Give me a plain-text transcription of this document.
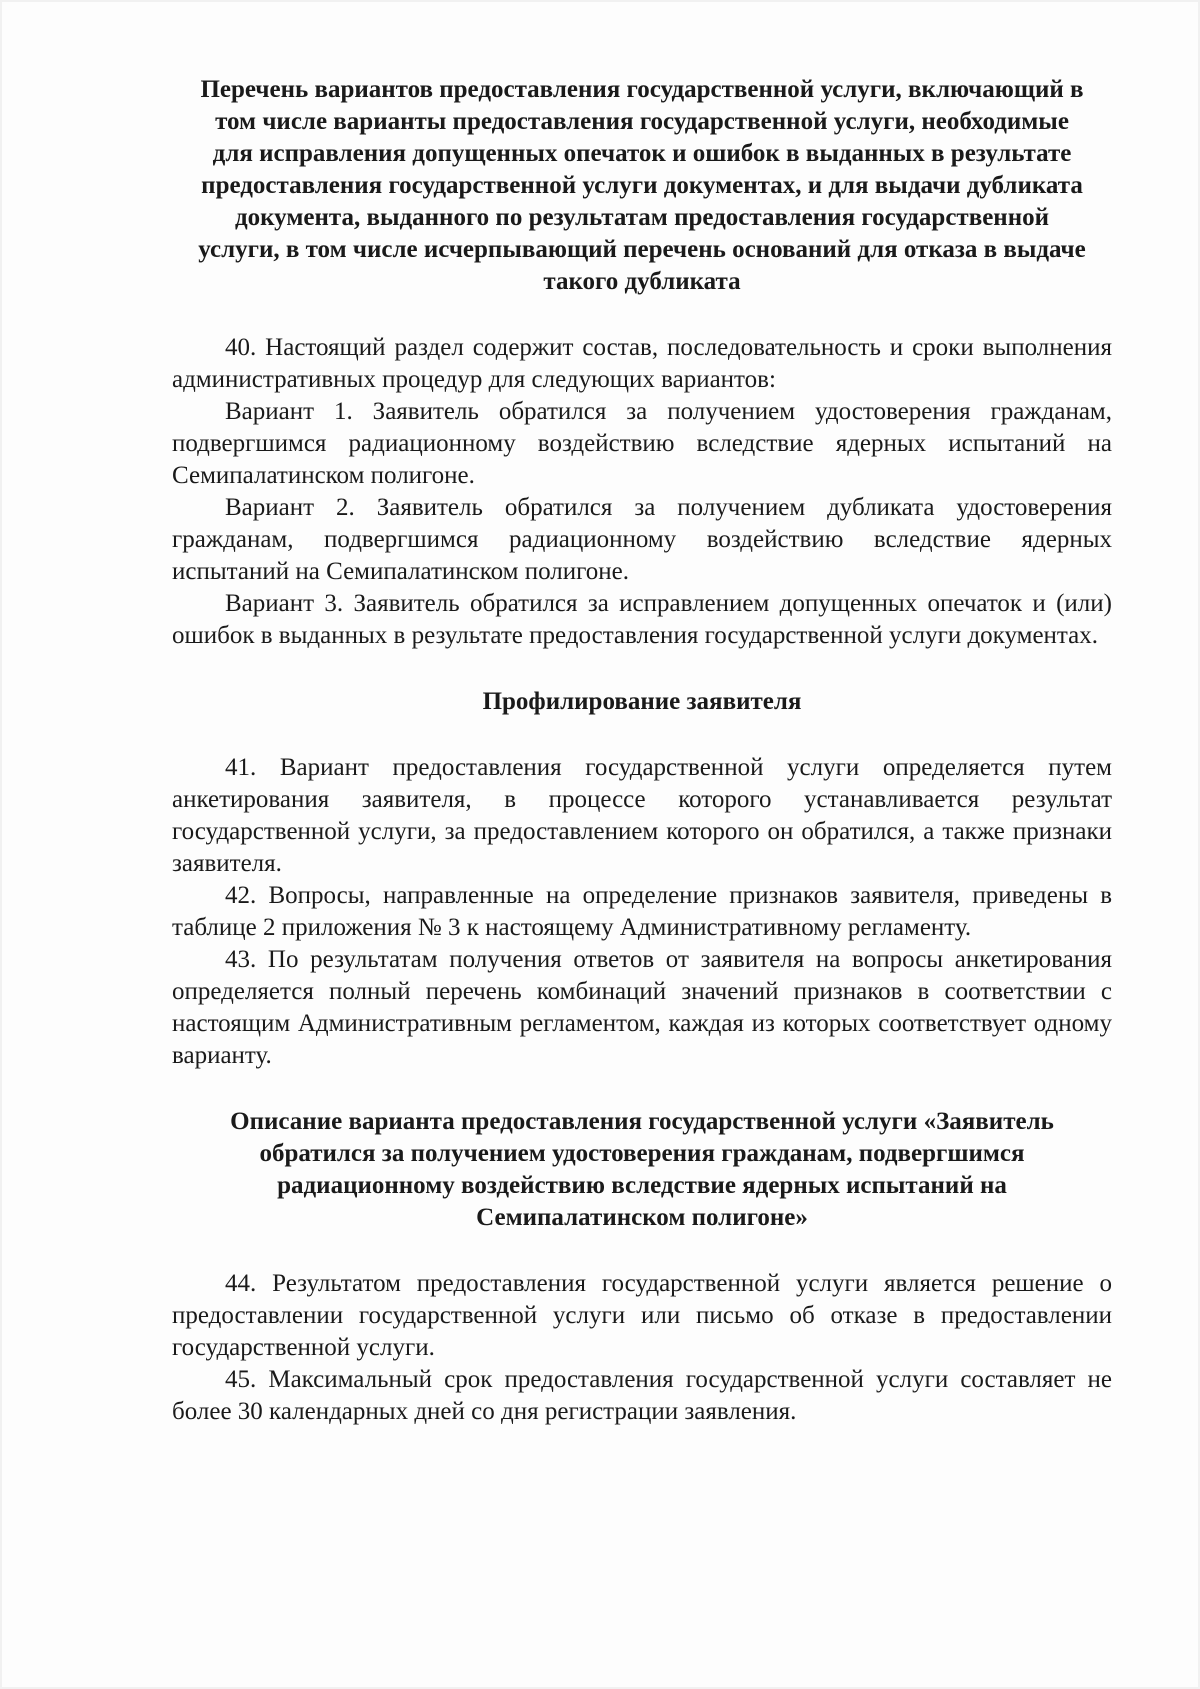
Перечень вариантов предоставления государственной услуги, включающий в том числе варианты предоставления государственной услуги, необходимые для исправления допущенных опечаток и ошибок в выданных в результате предоставления государственной услуги документах, и для выдачи дубликата документа, выданного по результатам предоставления государственной услуги, в том числе исчерпывающий перечень оснований для отказа в выдаче такого дубликата

40. Настоящий раздел содержит состав, последовательность и сроки выполнения административных процедур для следующих вариантов:

Вариант 1. Заявитель обратился за получением удостоверения гражданам, подвергшимся радиационному воздействию вследствие ядерных испытаний на Семипалатинском полигоне.

Вариант 2. Заявитель обратился за получением дубликата удостоверения гражданам, подвергшимся радиационному воздействию вследствие ядерных испытаний на Семипалатинском полигоне.

Вариант 3. Заявитель обратился за исправлением допущенных опечаток и (или) ошибок в выданных в результате предоставления государственной услуги документах.

Профилирование заявителя

41. Вариант предоставления государственной услуги определяется путем анкетирования заявителя, в процессе которого устанавливается результат государственной услуги, за предоставлением которого он обратился, а также признаки заявителя.

42. Вопросы, направленные на определение признаков заявителя, приведены в таблице 2 приложения № 3 к настоящему Административному регламенту.

43. По результатам получения ответов от заявителя на вопросы анкетирования определяется полный перечень комбинаций значений признаков в соответствии с настоящим Административным регламентом, каждая из которых соответствует одному варианту.

Описание варианта предоставления государственной услуги «Заявитель обратился за получением удостоверения гражданам, подвергшимся радиационному воздействию вследствие ядерных испытаний на Семипалатинском полигоне»

44. Результатом предоставления государственной услуги является решение о предоставлении государственной услуги или письмо об отказе в предоставлении государственной услуги.

45. Максимальный срок предоставления государственной услуги составляет не более 30 календарных дней со дня регистрации заявления.
